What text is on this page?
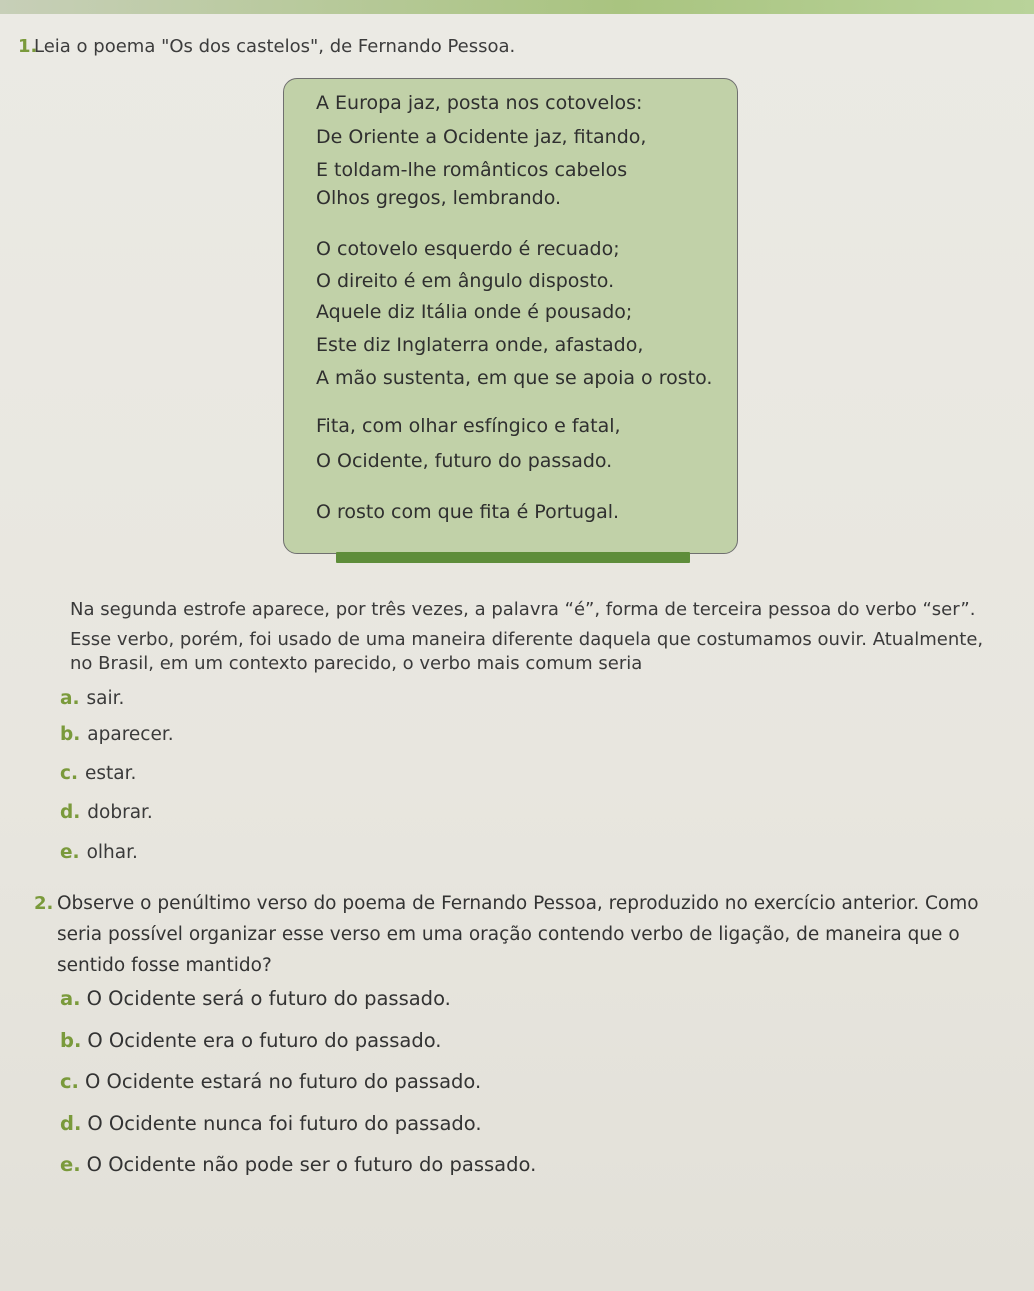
1.
Leia o poema "Os dos castelos", de Fernando Pessoa.
A Europa jaz, posta nos cotovelos:
De Oriente a Ocidente jaz, fitando,
E toldam-lhe românticos cabelos
Olhos gregos, lembrando.
O cotovelo esquerdo é recuado;
O direito é em ângulo disposto.
Aquele diz Itália onde é pousado;
Este diz Inglaterra onde, afastado,
A mão sustenta, em que se apoia o rosto.
Fita, com olhar esfíngico e fatal,
O Ocidente, futuro do passado.
O rosto com que fita é Portugal.
Na segunda estrofe aparece, por três vezes, a palavra “é”, forma de terceira pessoa do verbo “ser”.
Esse verbo, porém, foi usado de uma maneira diferente daquela que costumamos ouvir. Atualmente,
no Brasil, em um contexto parecido, o verbo mais comum seria
a. sair.
b. aparecer.
c. estar.
d. dobrar.
e. olhar.
2. Observe o penúltimo verso do poema de Fernando Pessoa, reproduzido no exercício anterior. Como
seria possível organizar esse verso em uma oração contendo verbo de ligação, de maneira que o
sentido fosse mantido?
a. O Ocidente será o futuro do passado.
b. O Ocidente era o futuro do passado.
c. O Ocidente estará no futuro do passado.
d. O Ocidente nunca foi futuro do passado.
e. O Ocidente não pode ser o futuro do passado.
